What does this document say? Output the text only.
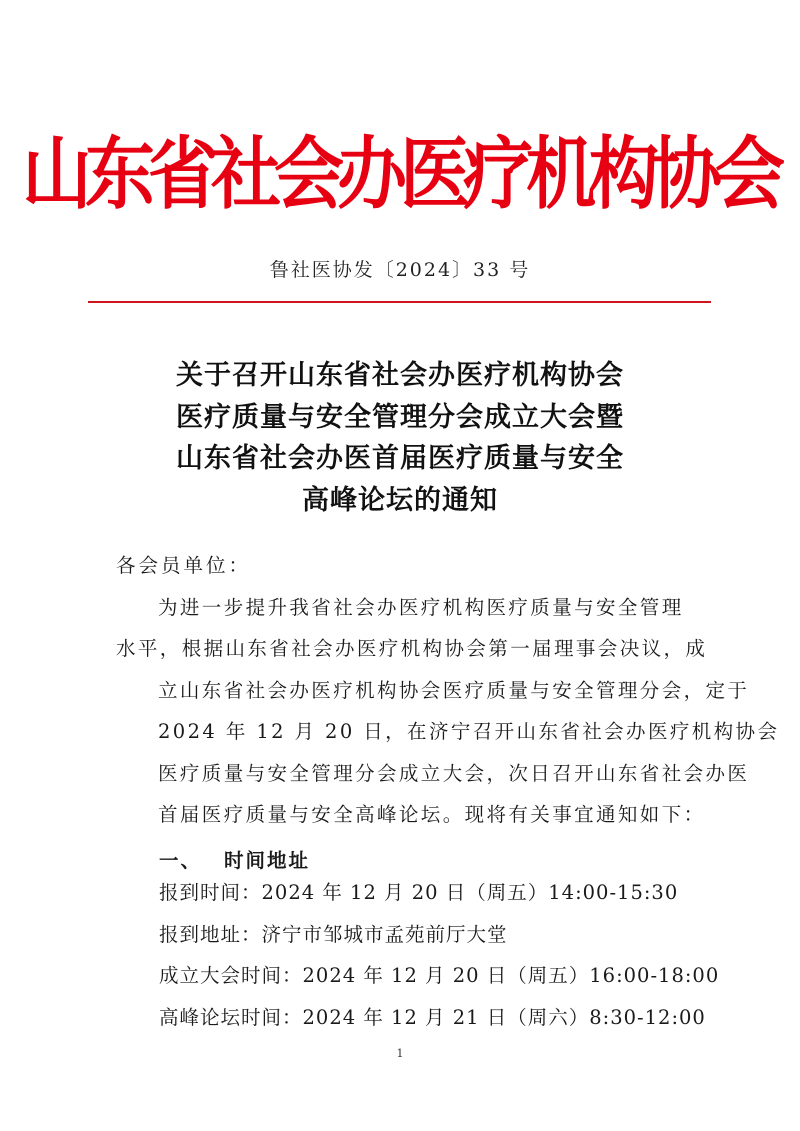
山东省社会办医疗机构协会
鲁社医协发〔2024〕33 号
关于召开山东省社会办医疗机构协会
医疗质量与安全管理分会成立大会暨
山东省社会办医首届医疗质量与安全
高峰论坛的通知
各会员单位：
为进一步提升我省社会办医疗机构医疗质量与安全管理
水平，根据山东省社会办医疗机构协会第一届理事会决议，成
立山东省社会办医疗机构协会医疗质量与安全管理分会，定于
2024 年 12 月 20 日，在济宁召开山东省社会办医疗机构协会
医疗质量与安全管理分会成立大会，次日召开山东省社会办医
首届医疗质量与安全高峰论坛。现将有关事宜通知如下：
一、 时间地址
报到时间：2024 年 12 月 20 日（周五）14:00-15:30
报到地址：济宁市邹城市孟苑前厅大堂
成立大会时间：2024 年 12 月 20 日（周五）16:00-18:00
高峰论坛时间：2024 年 12 月 21 日（周六）8:30-12:00
1
